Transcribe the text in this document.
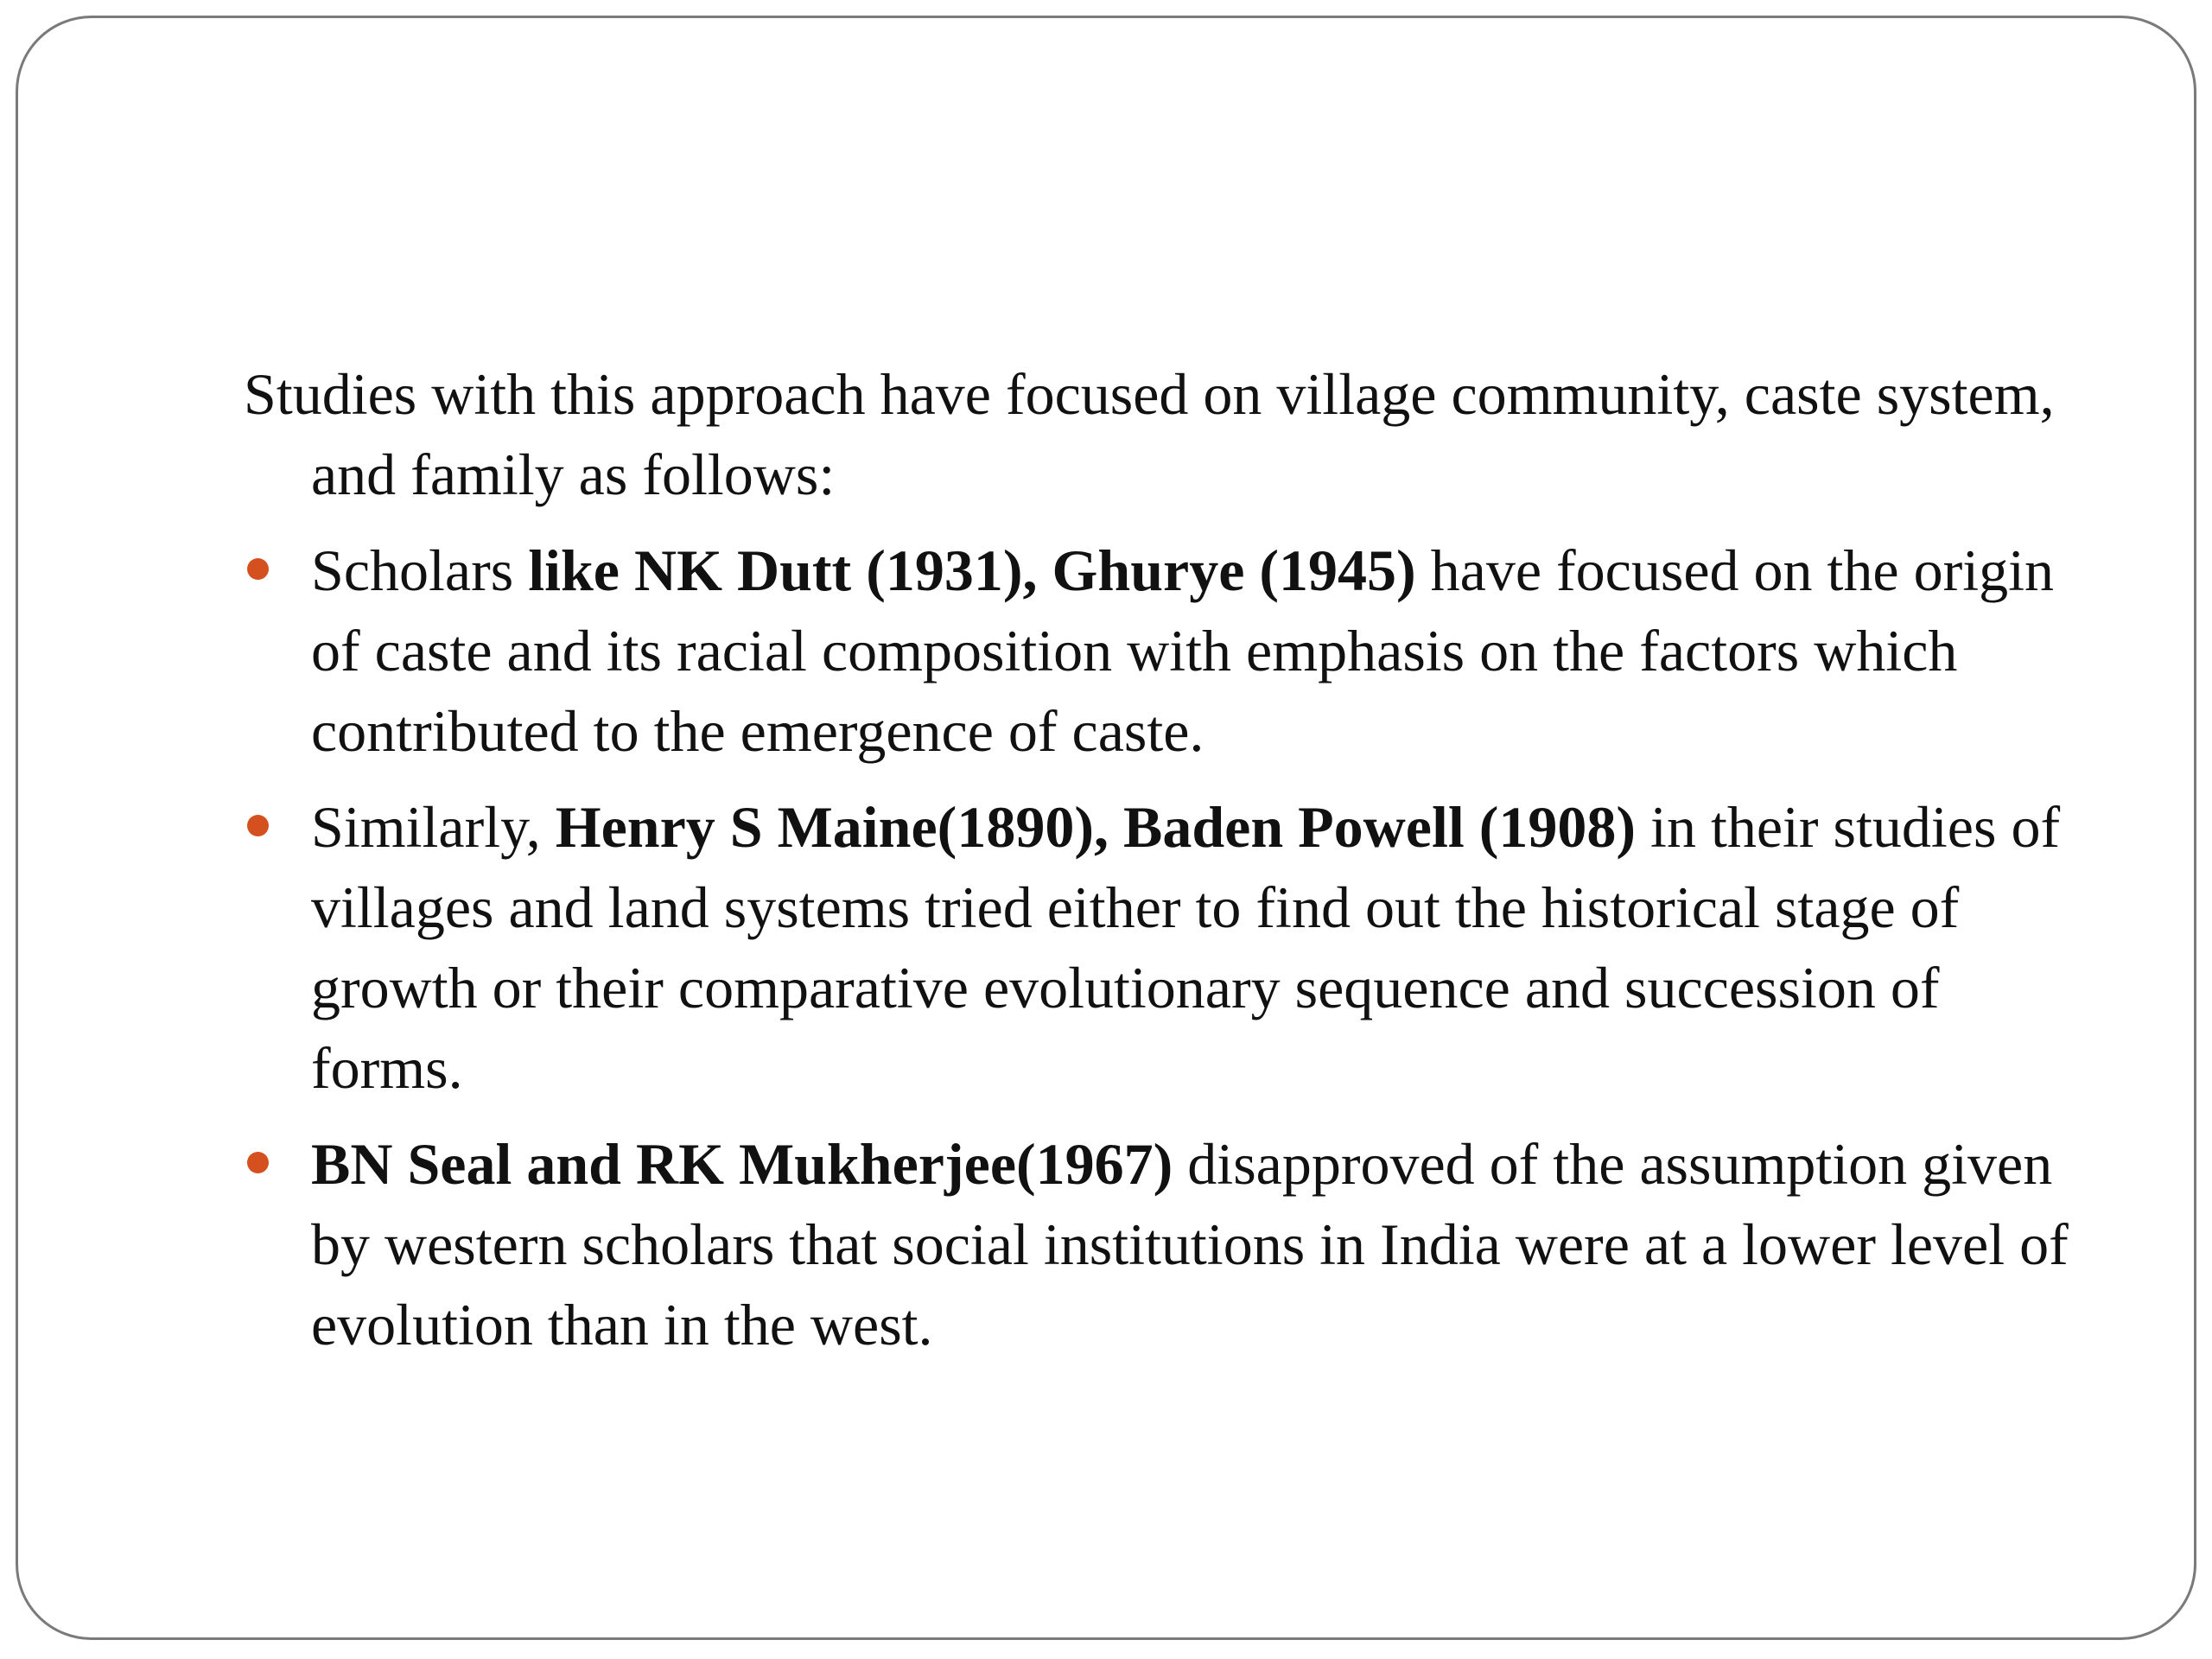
Studies with this approach have focused on village community, caste system, and family as follows:

Scholars like NK Dutt (1931), Ghurye (1945) have focused on the origin of caste and its racial composition with emphasis on the factors which contributed to the emergence of caste.
Similarly, Henry S Maine(1890), Baden Powell (1908) in their studies of villages and land systems tried either to find out the historical stage of growth or their comparative evolutionary sequence and succession of forms.
BN Seal and RK Mukherjee(1967) disapproved of the assumption given by western scholars that social institutions in India were at a lower level of evolution than in the west.
